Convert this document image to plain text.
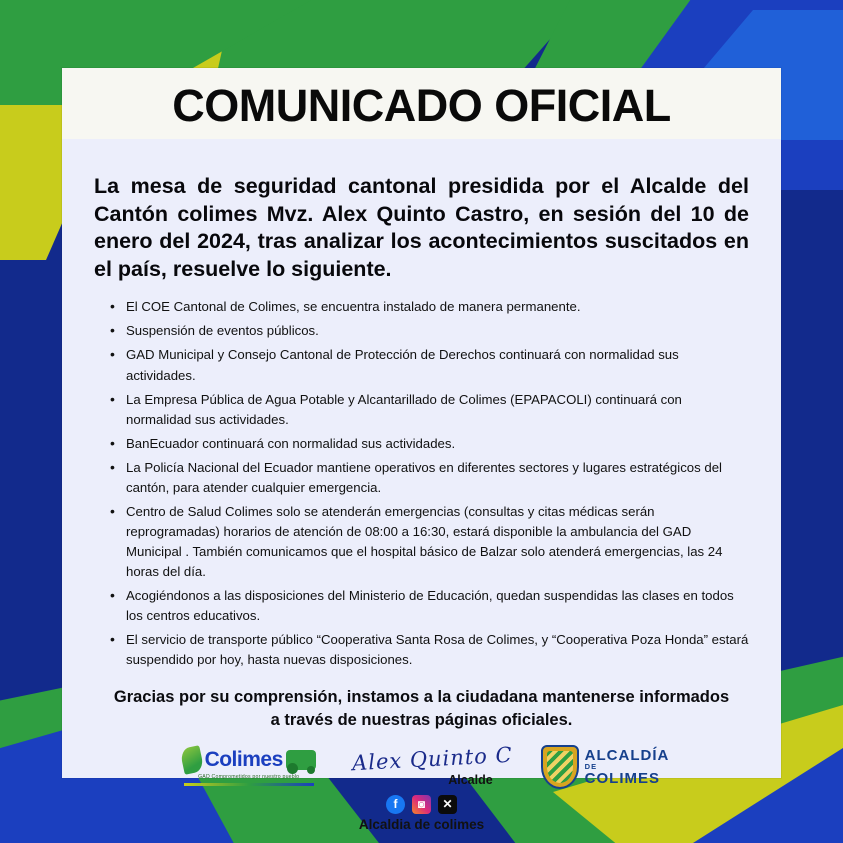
COMUNICADO OFICIAL

La mesa de seguridad cantonal presidida por el Alcalde del Cantón colimes Mvz. Alex Quinto Castro, en sesión del 10 de enero del 2024, tras analizar los acontecimientos suscitados en el país, resuelve lo siguiente.

• El COE Cantonal de Colimes, se encuentra instalado de manera permanente.
• Suspensión de eventos públicos.
• GAD Municipal y Consejo Cantonal de Protección de Derechos continuará con normalidad sus actividades.
• La Empresa Pública de Agua Potable y Alcantarillado de Colimes (EPAPACOLI) continuará con normalidad sus actividades.
• BanEcuador continuará con normalidad sus actividades.
• La Policía Nacional del Ecuador mantiene operativos en diferentes sectores y lugares estratégicos del cantón, para atender cualquier emergencia.
• Centro de Salud Colimes solo se atenderán emergencias (consultas y citas médicas serán reprogramadas) horarios de atención de 08:00 a 16:30, estará disponible la ambulancia del GAD Municipal . También comunicamos que el hospital básico de Balzar solo atenderá emergencias, las 24 horas del día.
• Acogiéndonos a las disposiciones del Ministerio de Educación, quedan suspendidas las clases en todos los centros educativos.
• El servicio de transporte público “Cooperativa Santa Rosa de Colimes, y “Cooperativa Poza Honda” estará suspendido por hoy, hasta nuevas disposiciones.
Gracias por su comprensión, instamos a la ciudadana mantenerse informados
a través de nuestras páginas oficiales.
Colimes
GAD Comprometidos por nuestro pueblo
Alex Quinto C
Alcalde
ALCALDÍA
DE
COLIMES
f	◙	✕
Alcaldia de colimes
